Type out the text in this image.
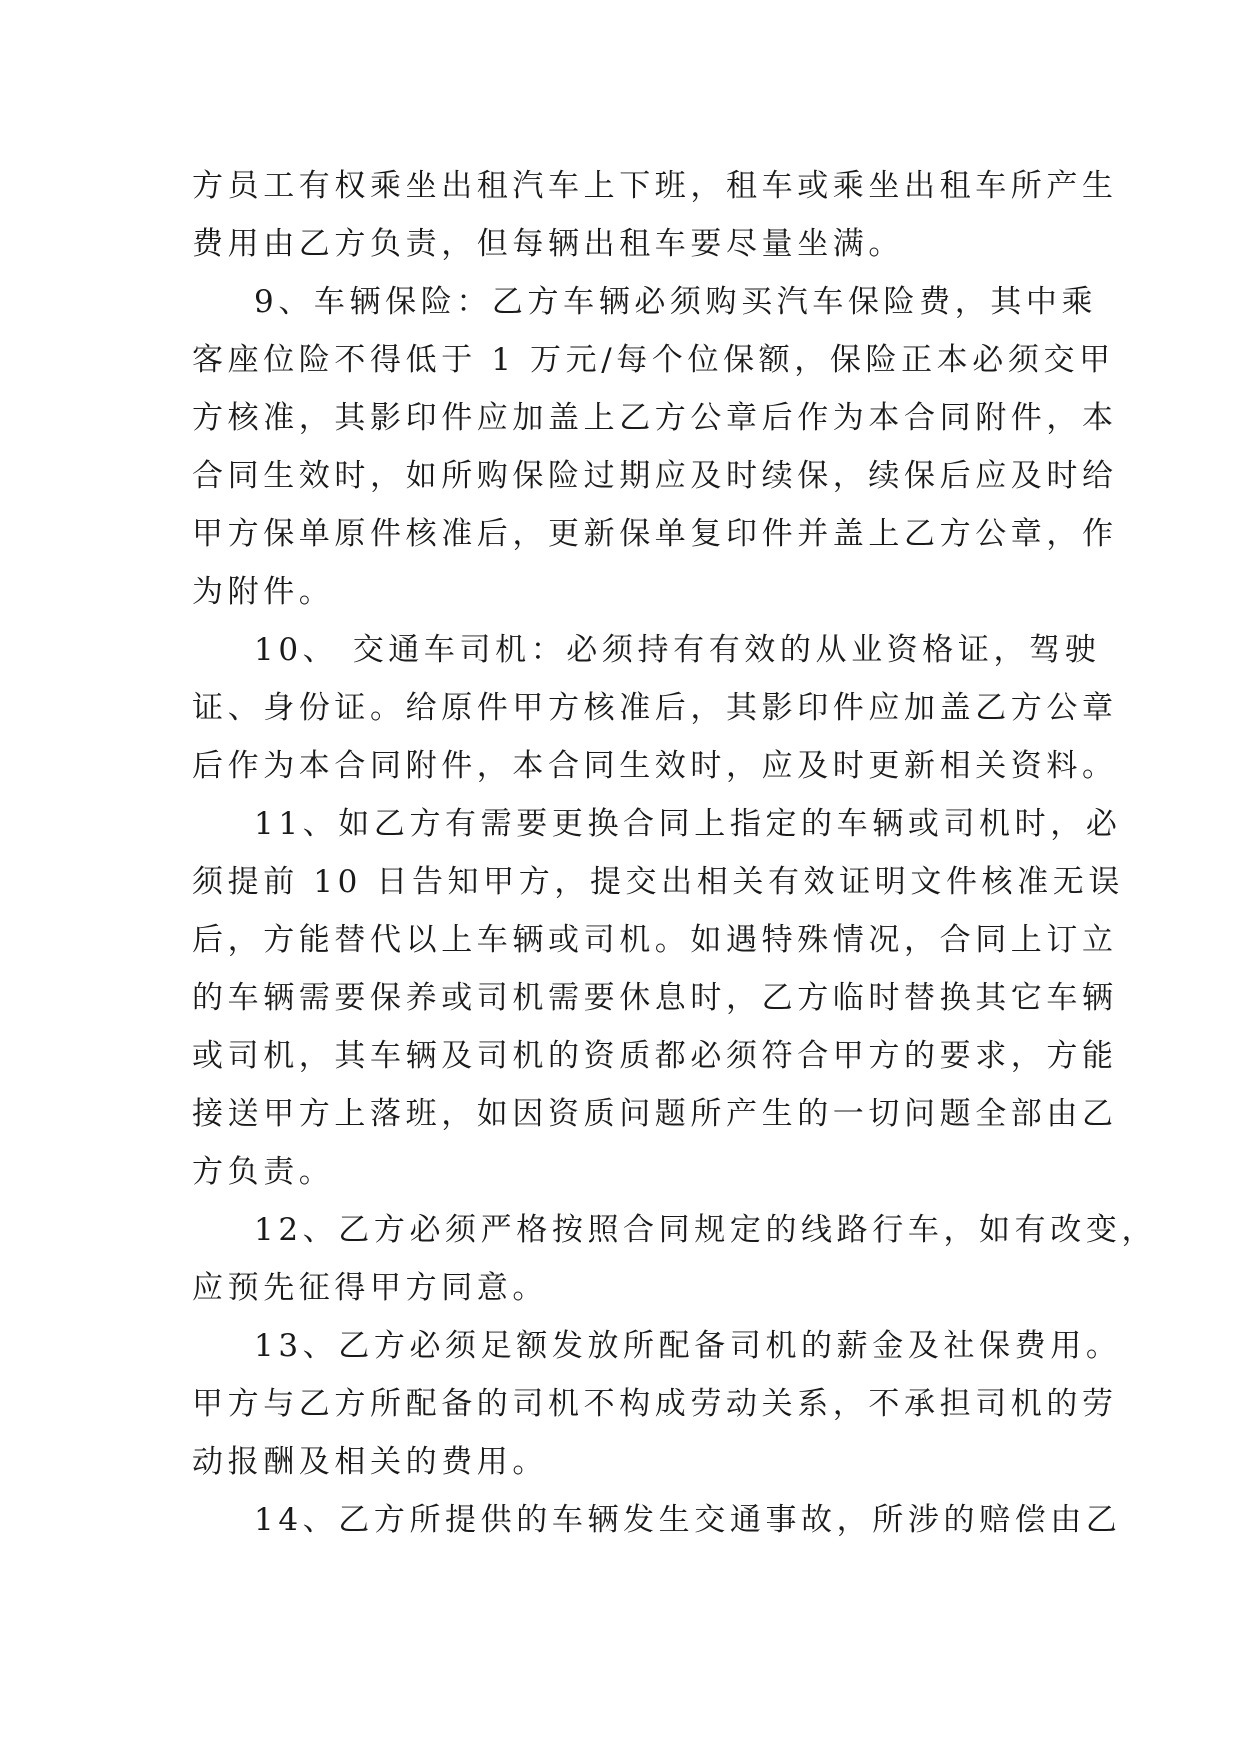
方员工有权乘坐出租汽车上下班，租车或乘坐出租车所产生
费用由乙方负责，但每辆出租车要尽量坐满。
9、车辆保险：乙方车辆必须购买汽车保险费，其中乘
客座位险不得低于 1 万元/每个位保额，保险正本必须交甲
方核准，其影印件应加盖上乙方公章后作为本合同附件，本
合同生效时，如所购保险过期应及时续保，续保后应及时给
甲方保单原件核准后，更新保单复印件并盖上乙方公章，作
为附件。
10、 交通车司机：必须持有有效的从业资格证，驾驶
证、身份证。给原件甲方核准后，其影印件应加盖乙方公章
后作为本合同附件，本合同生效时，应及时更新相关资料。
11、如乙方有需要更换合同上指定的车辆或司机时，必
须提前 10 日告知甲方，提交出相关有效证明文件核准无误
后，方能替代以上车辆或司机。如遇特殊情况，合同上订立
的车辆需要保养或司机需要休息时，乙方临时替换其它车辆
或司机，其车辆及司机的资质都必须符合甲方的要求，方能
接送甲方上落班，如因资质问题所产生的一切问题全部由乙
方负责。
12、乙方必须严格按照合同规定的线路行车，如有改变，
应预先征得甲方同意。
13、乙方必须足额发放所配备司机的薪金及社保费用。
甲方与乙方所配备的司机不构成劳动关系，不承担司机的劳
动报酬及相关的费用。
14、乙方所提供的车辆发生交通事故，所涉的赔偿由乙
